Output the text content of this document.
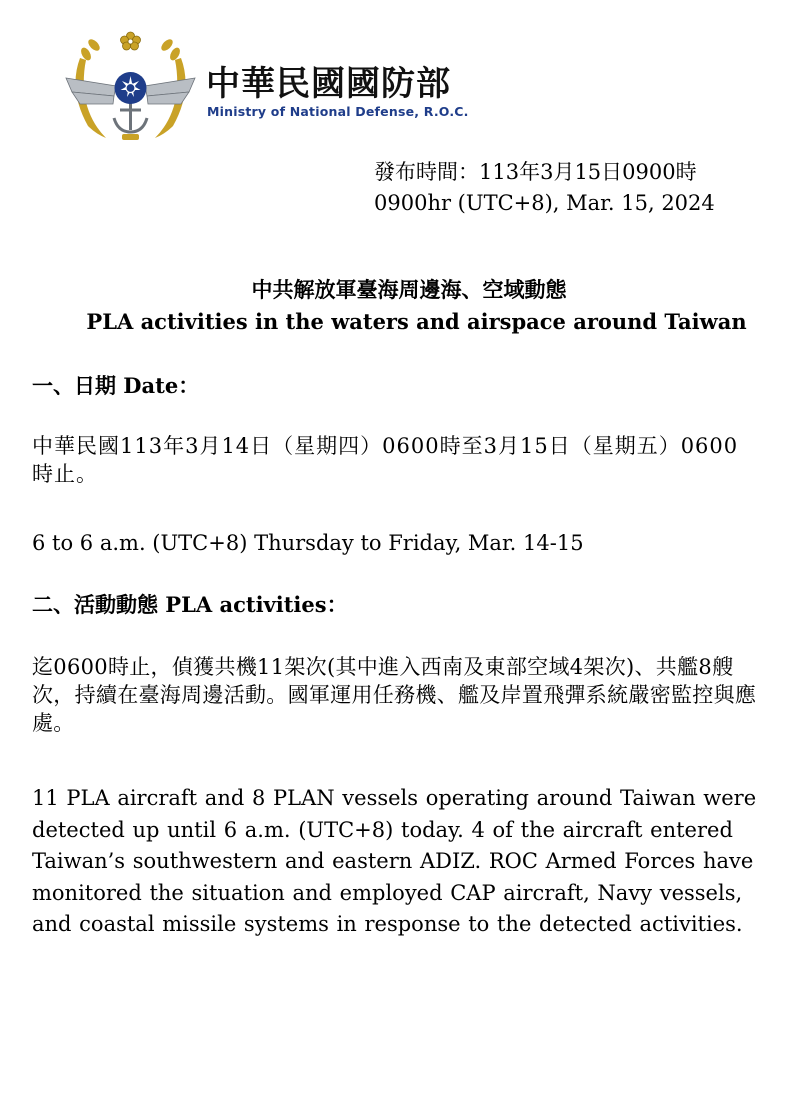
中華民國國防部
Ministry of National Defense, R.O.C.
發布時間：113年3月15日0900時
0900hr (UTC+8), Mar. 15, 2024
中共解放軍臺海周邊海、空域動態
PLA activities in the waters and airspace around Taiwan
一、日期 Date：
中華民國113年3月14日（星期四）0600時至3月15日（星期五）0600時止。
6 to 6 a.m. (UTC+8) Thursday to Friday, Mar. 14-15
二、活動動態 PLA activities：
迄0600時止，偵獲共機11架次(其中進入西南及東部空域4架次)、共艦8艘次，持續在臺海周邊活動。國軍運用任務機、艦及岸置飛彈系統嚴密監控與應處。
11 PLA aircraft and 8 PLAN vessels operating around Taiwan were detected up until 6 a.m. (UTC+8) today. 4 of the aircraft entered Taiwan’s southwestern and eastern ADIZ. ROC Armed Forces have monitored the situation and employed CAP aircraft, Navy vessels, and coastal missile systems in response to the detected activities.
